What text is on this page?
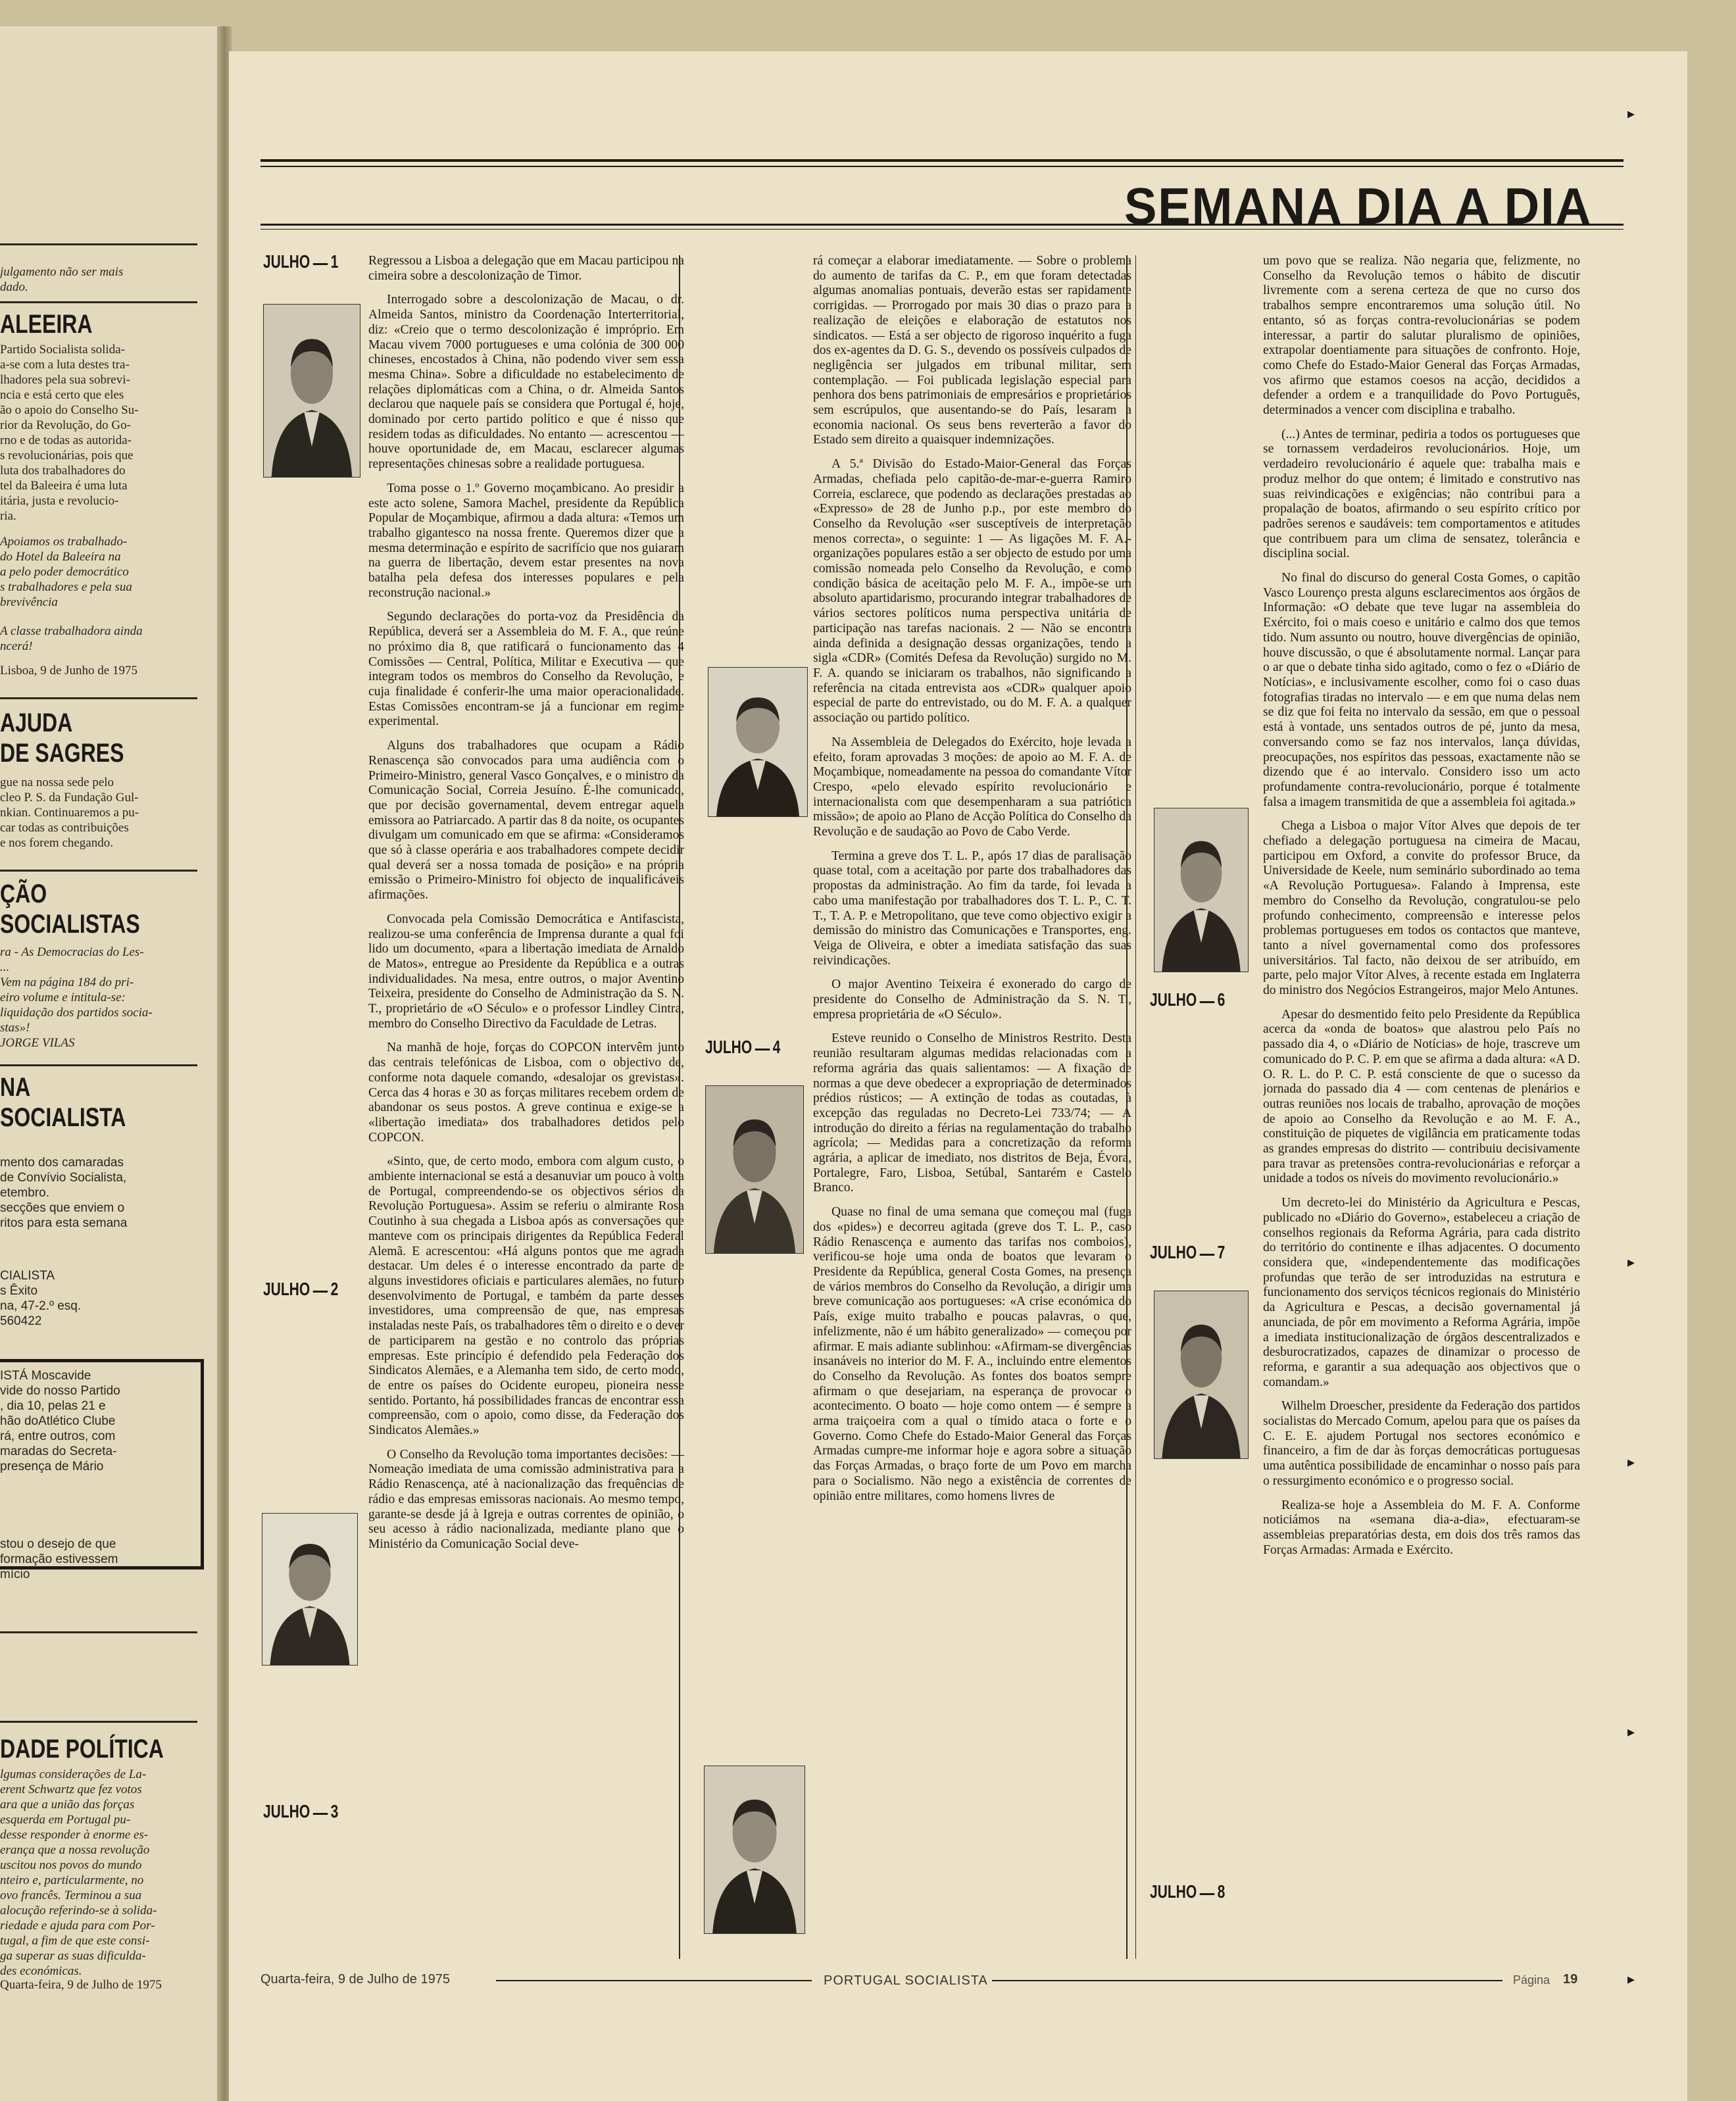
julgamento não ser mais
dado.
ALEEIRA
Partido Socialista solida-
a-se com a luta destes tra-
lhadores pela sua sobrevi-
ncia e está certo que eles
ão o apoio do Conselho Su-
rior da Revolução, do Go-
rno e de todas as autorida-
s revolucionárias, pois que
luta dos trabalhadores do
tel da Baleeira é uma luta
itária, justa e revolucio-
ria.
Apoiamos os trabalhado-
do Hotel da Baleeira na
a pelo poder democrático
s trabalhadores e pela sua
brevivência
A classe trabalhadora ainda
ncerá!
Lisboa, 9 de Junho de 1975
AJUDA
DE SAGRES
gue na nossa sede pelo
cleo P. S. da Fundação Gul-
nkian. Continuaremos a pu-
car todas as contribuições
e nos forem chegando.
ÇÃO
SOCIALISTAS
ra - As Democracias do Les-
...
Vem na página 184 do pri-
eiro volume e intitula-se:
liquidação dos partidos socia-
stas»!
JORGE VILAS
NA
SOCIALISTA
mento dos camaradas
de Convívio Socialista,
etembro.
secções que enviem o
ritos para esta semana
CIALISTA
s Êxito
na, 47-2.º esq.
560422
ISTÁ Moscavide
vide do nosso Partido
, dia 10, pelas 21 e
hão doAtlético Clube
rá, entre outros, com
maradas do Secreta-
presença de Mário
stou o desejo de que
formação estivessem
mício
DADE POLÍTICA
lgumas considerações de La-
erent Schwartz que fez votos
ara que a união das forças
esquerda em Portugal pu-
desse responder à enorme es-
erança que a nossa revolução
uscitou nos povos do mundo
nteiro e, particularmente, no
ovo francês. Terminou a sua
alocução referindo-se à solida-
riedade e ajuda para com Por-
tugal, a fim de que este consi-
ga superar as suas dificulda-
des económicas.
Quarta-feira, 9 de Julho de 1975
SEMANA DIA A DIA
JULHO 1
JULHO 2
JULHO 3
JULHO 4
JULHO 6
JULHO 7
JULHO 8

Regressou a Lisboa a delegação que em Macau participou na cimeira sobre a descolonização de Timor.

Interrogado sobre a descolonização de Macau, o dr. Almeida Santos, ministro da Coordenação Interterritorial, diz: «Creio que o termo descolonização é impróprio. Em Macau vivem 7000 portugueses e uma colónia de 300 000 chineses, encostados à China, não podendo viver sem essa mesma China». Sobre a dificuldade no estabelecimento de relações diplomáticas com a China, o dr. Almeida Santos declarou que naquele país se considera que Portugal é, hoje, dominado por certo partido político e que é nisso que residem todas as dificuldades. No entanto — acrescentou — houve oportunidade de, em Macau, esclarecer algumas representações chinesas sobre a realidade portuguesa.

Toma posse o 1.º Governo moçambicano. Ao presidir a este acto solene, Samora Machel, presidente da República Popular de Moçambique, afirmou a dada altura: «Temos um trabalho gigantesco na nossa frente. Queremos dizer que a mesma determinação e espírito de sacrifício que nos guiaram na guerra de libertação, devem estar presentes na nova batalha pela defesa dos interesses populares e pela reconstrução nacional.»

Segundo declarações do porta-voz da Presidência da República, deverá ser a Assembleia do M. F. A., que reúne no próximo dia 8, que ratificará o funcionamento das 4 Comissões — Central, Política, Militar e Executiva — que integram todos os membros do Conselho da Revolução, e cuja finalidade é conferir-lhe uma maior operacionalidade. Estas Comissões encontram-se já a funcionar em regime experimental.

Alguns dos trabalhadores que ocupam a Rádio Renascença são convocados para uma audiência com o Primeiro-Ministro, general Vasco Gonçalves, e o ministro da Comunicação Social, Correia Jesuíno. É-lhe comunicado, que por decisão governamental, devem entregar aquela emissora ao Patriarcado. A partir das 8 da noite, os ocupantes divulgam um comunicado em que se afirma: «Consideramos que só à classe operária e aos trabalhadores compete decidir qual deverá ser a nossa tomada de posição» e na própria emissão o Primeiro-Ministro foi objecto de inqualificáveis afirmações.

Convocada pela Comissão Democrática e Antifascista, realizou-se uma conferência de Imprensa durante a qual foi lido um documento, «para a libertação imediata de Arnaldo de Matos», entregue ao Presidente da República e a outras individualidades. Na mesa, entre outros, o major Aventino Teixeira, presidente do Conselho de Administração da S. N. T., proprietário de «O Século» e o professor Lindley Cintra, membro do Conselho Directivo da Faculdade de Letras.

Na manhã de hoje, forças do COPCON intervêm junto das centrais telefónicas de Lisboa, com o objectivo de, conforme nota daquele comando, «desalojar os grevistas». Cerca das 4 horas e 30 as forças militares recebem ordem de abandonar os seus postos. A greve continua e exige-se a «libertação imediata» dos trabalhadores detidos pelo COPCON.

«Sinto, que, de certo modo, embora com algum custo, o ambiente internacional se está a desanuviar um pouco à volta de Portugal, compreendendo-se os objectivos sérios da Revolução Portuguesa». Assim se referiu o almirante Rosa Coutinho à sua chegada a Lisboa após as conversações que manteve com os principais dirigentes da República Federal Alemã. E acrescentou: «Há alguns pontos que me agrada destacar. Um deles é o interesse encontrado da parte de alguns investidores oficiais e particulares alemães, no futuro desenvolvimento de Portugal, e também da parte desses investidores, uma compreensão de que, nas empresas instaladas neste País, os trabalhadores têm o direito e o dever de participarem na gestão e no controlo das próprias empresas. Este princípio é defendido pela Federação dos Sindicatos Alemães, e a Alemanha tem sido, de certo modo, de entre os países do Ocidente europeu, pioneira nesse sentido. Portanto, há possibilidades francas de encontrar essa compreensão, com o apoio, como disse, da Federação dos Sindicatos Alemães.»

O Conselho da Revolução toma importantes decisões: — Nomeação imediata de uma comissão administrativa para a Rádio Renascença, até à nacionalização das frequências de rádio e das empresas emissoras nacionais. Ao mesmo tempo, garante-se desde já à Igreja e outras correntes de opinião, o seu acesso à rádio nacionalizada, mediante plano que o Ministério da Comunicação Social deve-

rá começar a elaborar imediatamente. — Sobre o problema do aumento de tarifas da C. P., em que foram detectadas algumas anomalias pontuais, deverão estas ser rapidamente corrigidas. — Prorrogado por mais 30 dias o prazo para a realização de eleições e elaboração de estatutos nos sindicatos. — Está a ser objecto de rigoroso inquérito a fuga dos ex-agentes da D. G. S., devendo os possíveis culpados de negligência ser julgados em tribunal militar, sem contemplação. — Foi publicada legislação especial para penhora dos bens patrimoniais de empresários e proprietários sem escrúpulos, que ausentando-se do País, lesaram a economia nacional. Os seus bens reverterão a favor do Estado sem direito a quaisquer indemnizações.

A 5.ª Divisão do Estado-Maior-General das Forças Armadas, chefiada pelo capitão-de-mar-e-guerra Ramiro Correia, esclarece, que podendo as declarações prestadas ao «Expresso» de 28 de Junho p.p., por este membro do Conselho da Revolução «ser susceptíveis de interpretação menos correcta», o seguinte: 1 — As ligações M. F. A.-organizações populares estão a ser objecto de estudo por uma comissão nomeada pelo Conselho da Revolução, e como condição básica de aceitação pelo M. F. A., impõe-se um absoluto apartidarismo, procurando integrar trabalhadores de vários sectores políticos numa perspectiva unitária de participação nas tarefas nacionais. 2 — Não se encontra ainda definida a designação dessas organizações, tendo a sigla «CDR» (Comités Defesa da Revolução) surgido no M. F. A. quando se iniciaram os trabalhos, não significando a referência na citada entrevista aos «CDR» qualquer apoio especial de parte do entrevistado, ou do M. F. A. a qualquer associação ou partido político.

Na Assembleia de Delegados do Exército, hoje levada a efeito, foram aprovadas 3 moções: de apoio ao M. F. A. de Moçambique, nomeadamente na pessoa do comandante Vítor Crespo, «pelo elevado espírito revolucionário e internacionalista com que desempenharam a sua patriótica missão»; de apoio ao Plano de Acção Política do Conselho da Revolução e de saudação ao Povo de Cabo Verde.

Termina a greve dos T. L. P., após 17 dias de paralisação quase total, com a aceitação por parte dos trabalhadores das propostas da administração. Ao fim da tarde, foi levada a cabo uma manifestação por trabalhadores dos T. L. P., C. T. T., T. A. P. e Metropolitano, que teve como objectivo exigir a demissão do ministro das Comunicações e Transportes, eng. Veiga de Oliveira, e obter a imediata satisfação das suas reivindicações.

O major Aventino Teixeira é exonerado do cargo de presidente do Conselho de Administração da S. N. T., empresa proprietária de «O Século».

Esteve reunido o Conselho de Ministros Restrito. Desta reunião resultaram algumas medidas relacionadas com a reforma agrária das quais salientamos: — A fixação de normas a que deve obedecer a expropriação de determinados prédios rústicos; — A extinção de todas as coutadas, à excepção das reguladas no Decreto-Lei 733/74; — A introdução do direito a férias na regulamentação do trabalho agrícola; — Medidas para a concretização da reforma agrária, a aplicar de imediato, nos distritos de Beja, Évora, Portalegre, Faro, Lisboa, Setúbal, Santarém e Castelo Branco.

Quase no final de uma semana que começou mal (fuga dos «pides») e decorreu agitada (greve dos T. L. P., caso Rádio Renascença e aumento das tarifas nos comboios), verificou-se hoje uma onda de boatos que levaram o Presidente da República, general Costa Gomes, na presença de vários membros do Conselho da Revolução, a dirigir uma breve comunicação aos portugueses: «A crise económica do País, exige muito trabalho e poucas palavras, o que, infelizmente, não é um hábito generalizado» — começou por afirmar. E mais adiante sublinhou: «Afirmam-se divergências insanáveis no interior do M. F. A., incluindo entre elementos do Conselho da Revolução. As fontes dos boatos sempre afirmam o que desejariam, na esperança de provocar o acontecimento. O boato — hoje como ontem — é sempre a arma traiçoeira com a qual o tímido ataca o forte e o Governo. Como Chefe do Estado-Maior General das Forças Armadas cumpre-me informar hoje e agora sobre a situação das Forças Armadas, o braço forte de um Povo em marcha para o Socialismo. Não nego a existência de correntes de opinião entre militares, como homens livres de

um povo que se realiza. Não negaria que, felizmente, no Conselho da Revolução temos o hábito de discutir livremente com a serena certeza de que no curso dos trabalhos sempre encontraremos uma solução útil. No entanto, só as forças contra-revolucionárias se podem interessar, a partir do salutar pluralismo de opiniões, extrapolar doentiamente para situações de confronto. Hoje, como Chefe do Estado-Maior General das Forças Armadas, vos afirmo que estamos coesos na acção, decididos a defender a ordem e a tranquilidade do Povo Português, determinados a vencer com disciplina e trabalho.

(...) Antes de terminar, pediria a todos os portugueses que se tornassem verdadeiros revolucionários. Hoje, um verdadeiro revolucionário é aquele que: trabalha mais e produz melhor do que ontem; é limitado e construtivo nas suas reivindicações e exigências; não contribui para a propalação de boatos, afirmando o seu espírito crítico por padrões serenos e saudáveis: tem comportamentos e atitudes que contribuem para um clima de sensatez, tolerância e disciplina social.

No final do discurso do general Costa Gomes, o capitão Vasco Lourenço presta alguns esclarecimentos aos órgãos de Informação: «O debate que teve lugar na assembleia do Exército, foi o mais coeso e unitário e calmo dos que temos tido. Num assunto ou noutro, houve divergências de opinião, houve discussão, o que é absolutamente normal. Lançar para o ar que o debate tinha sido agitado, como o fez o «Diário de Notícias», e inclusivamente escolher, como foi o caso duas fotografias tiradas no intervalo — e em que numa delas nem se diz que foi feita no intervalo da sessão, em que o pessoal está à vontade, uns sentados outros de pé, junto da mesa, conversando como se faz nos intervalos, lança dúvidas, preocupações, nos espíritos das pessoas, exactamente não se dizendo que é ao intervalo. Considero isso um acto profundamente contra-revolucionário, porque é totalmente falsa a imagem transmitida de que a assembleia foi agitada.»

Chega a Lisboa o major Vítor Alves que depois de ter chefiado a delegação portuguesa na cimeira de Macau, participou em Oxford, a convite do professor Bruce, da Universidade de Keele, num seminário subordinado ao tema «A Revolução Portuguesa». Falando à Imprensa, este membro do Conselho da Revolução, congratulou-se pelo profundo conhecimento, compreensão e interesse pelos problemas portugueses em todos os contactos que manteve, tanto a nível governamental como dos professores universitários. Tal facto, não deixou de ser atribuído, em parte, pelo major Vítor Alves, à recente estada em Inglaterra do ministro dos Negócios Estrangeiros, major Melo Antunes.

Apesar do desmentido feito pelo Presidente da República acerca da «onda de boatos» que alastrou pelo País no passado dia 4, o «Diário de Notícias» de hoje, trascreve um comunicado do P. C. P. em que se afirma a dada altura: «A D. O. R. L. do P. C. P. está consciente de que o sucesso da jornada do passado dia 4 — com centenas de plenários e outras reuniões nos locais de trabalho, aprovação de moções de apoio ao Conselho da Revolução e ao M. F. A., constituição de piquetes de vigilância em praticamente todas as grandes empresas do distrito — contribuiu decisivamente para travar as pretensões contra-revolucionárias e reforçar a unidade a todos os níveis do movimento revolucionário.»

Um decreto-lei do Ministério da Agricultura e Pescas, publicado no «Diário do Governo», estabeleceu a criação de conselhos regionais da Reforma Agrária, para cada distrito do território do continente e ilhas adjacentes. O documento considera que, «independentemente das modificações profundas que terão de ser introduzidas na estrutura e funcionamento dos serviços técnicos regionais do Ministério da Agricultura e Pescas, a decisão governamental já anunciada, de pôr em movimento a Reforma Agrária, impõe a imediata institucionalização de órgãos descentralizados e desburocratizados, capazes de dinamizar o processo de reforma, e garantir a sua adequação aos objectivos que o comandam.»

Wilhelm Droescher, presidente da Federação dos partidos socialistas do Mercado Comum, apelou para que os países da C. E. E. ajudem Portugal nos sectores económico e financeiro, a fim de dar às forças democráticas portuguesas uma autêntica possibilidade de encaminhar o nosso país para o ressurgimento económico e o progresso social.

Realiza-se hoje a Assembleia do M. F. A. Conforme noticiámos na «semana dia-a-dia», efectuaram-se assembleias preparatórias desta, em dois dos três ramos das Forças Armadas: Armada e Exército.

Quarta-feira, 9 de Julho de 1975	PORTUGAL SOCIALISTA	Página 19
▸
▸
▸
▸
▸
